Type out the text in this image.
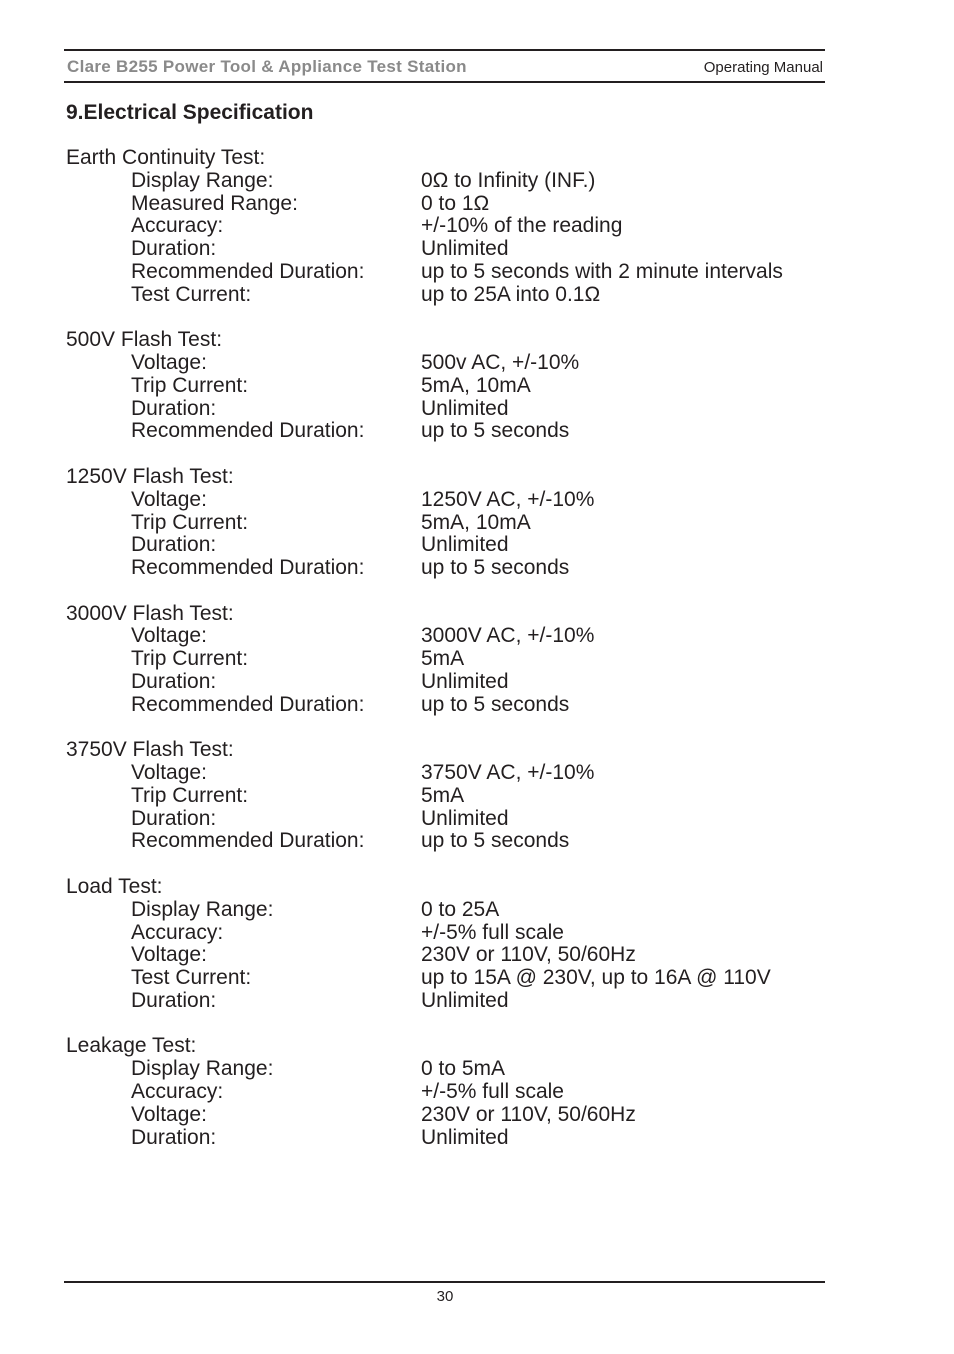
Clare B255 Power Tool & Appliance Test Station	Operating Manual
9.Electrical Specification
Earth Continuity Test:
Display Range:	0Ω to Infinity (INF.)
Measured Range:	0 to 1Ω
Accuracy:	+/-10% of the reading
Duration:	Unlimited
Recommended Duration:	up to 5 seconds with 2 minute intervals
Test Current:	up to 25A into 0.1Ω
500V Flash Test:
Voltage:	500v AC, +/-10%
Trip Current:	5mA, 10mA
Duration:	Unlimited
Recommended Duration:	up to 5 seconds
1250V Flash Test:
Voltage:	1250V AC, +/-10%
Trip Current:	5mA, 10mA
Duration:	Unlimited
Recommended Duration:	up to 5 seconds
3000V Flash Test:
Voltage:	3000V AC, +/-10%
Trip Current:	5mA
Duration:	Unlimited
Recommended Duration:	up to 5 seconds
3750V Flash Test:
Voltage:	3750V AC, +/-10%
Trip Current:	5mA
Duration:	Unlimited
Recommended Duration:	up to 5 seconds
Load Test:
Display Range:	0 to 25A
Accuracy:	+/-5% full scale
Voltage:	230V or 110V, 50/60Hz
Test Current:	up to 15A @ 230V, up to 16A @ 110V
Duration:	Unlimited
Leakage Test:
Display Range:	0 to 5mA
Accuracy:	+/-5% full scale
Voltage:	230V or 110V, 50/60Hz
Duration:	Unlimited
30
